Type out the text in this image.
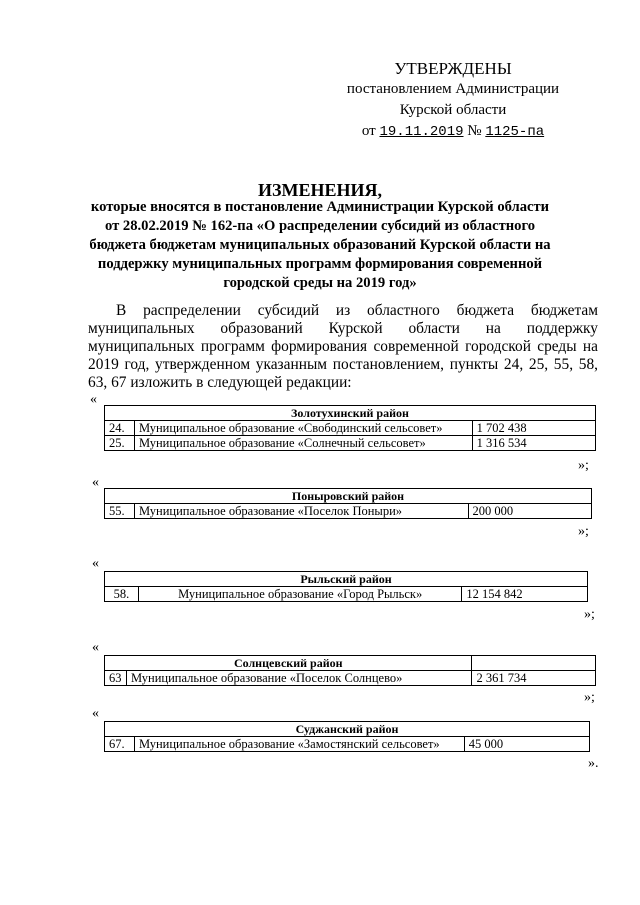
УТВЕРЖДЕНЫ
постановлением Администрации
Курской области
от 19.11.2019 № 1125-па
ИЗМЕНЕНИЯ,
которые вносятся в постановление Администрации Курской области от 28.02.2019 № 162-па «О распределении субсидий из областного бюджета бюджетам муниципальных образований Курской области на поддержку муниципальных программ формирования современной городской среды на 2019 год»
В распределении субсидий из областного бюджета бюджетам муниципальных образований Курской области на поддержку муниципальных программ формирования современной городской среды на 2019 год, утвержденном указанным постановлением, пункты 24, 25, 55, 58, 63, 67 изложить в следующей редакции:
«
Золотухинский район		
24.	Муниципальное образование «Свободинский сельсовет»	1 702 438
25.	Муниципальное образование «Солнечный сельсовет»	1 316 534
»;
«
Поныровский район
55.	Муниципальное образование «Поселок Поныри»	200 000
»;
«
Рыльский район
58.	Муниципальное образование «Город Рыльск»	12 154 842
»;
«
Солнцевский район		
63	Муниципальное образование «Поселок Солнцево»	2 361 734
»;
«
Суджанский район
67.	Муниципальное образование «Замостянский сельсовет»	45 000
».
